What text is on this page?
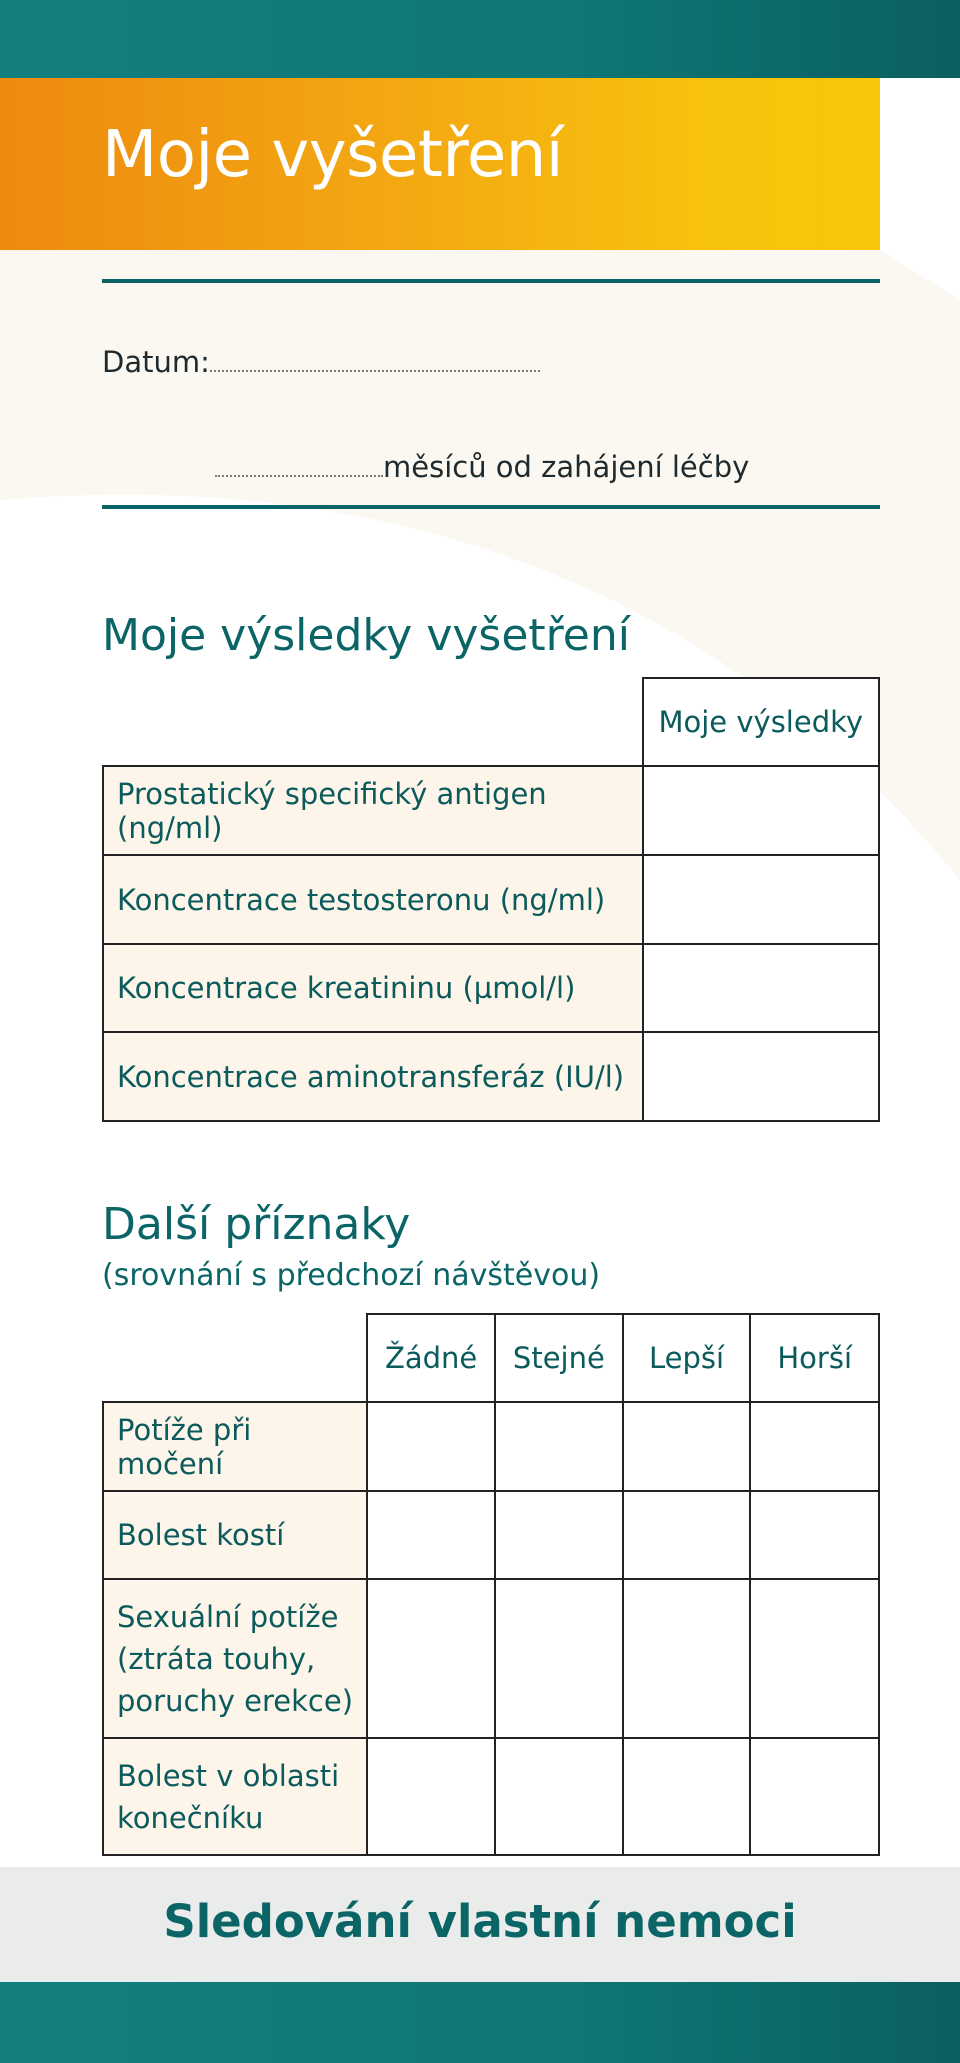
Moje vyšetření
Datum:
měsíců od zahájení léčby
Moje výsledky vyšetření
	Moje výsledky
Prostatický specifický antigen (ng/ml)	
Koncentrace testosteronu (ng/ml)	
Koncentrace kreatininu (µmol/l)	
Koncentrace aminotransferáz (IU/l)	
Další příznaky
(srovnání s předchozí návštěvou)
	Žádné	Stejné	Lepší	Horší
Potíže při močení				
Bolest kostí				
Sexuální potíže (ztráta touhy, poruchy erekce)				
Bolest v oblasti konečníku				
Sledování vlastní nemoci
